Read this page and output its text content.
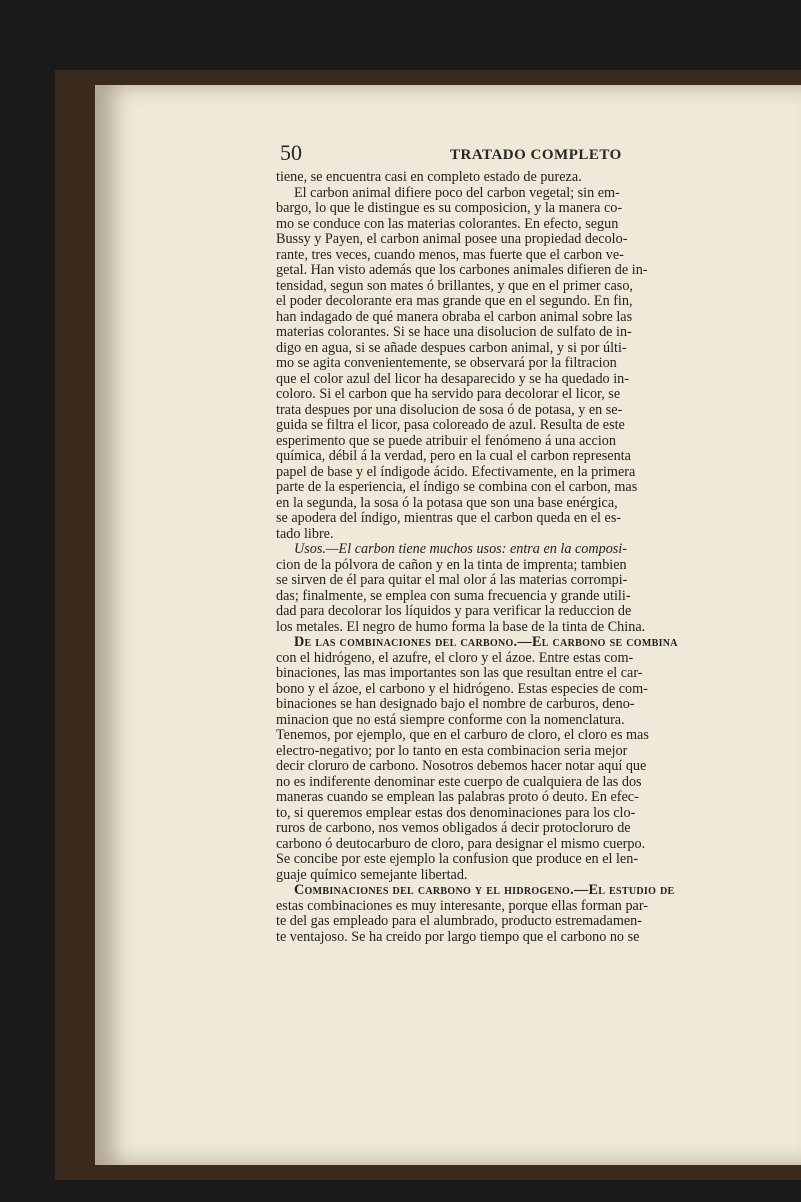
50	TRATADO COMPLETO
tiene, se encuentra casi en completo estado de pureza.
El carbon animal difiere poco del carbon vegetal; sin em-
bargo, lo que le distingue es su composicion, y la manera co-
mo se conduce con las materias colorantes. En efecto, segun
Bussy y Payen, el carbon animal posee una propiedad decolo-
rante, tres veces, cuando menos, mas fuerte que el carbon ve-
getal. Han visto además que los carbones animales difieren de in-
tensidad, segun son mates ó brillantes, y que en el primer caso,
el poder decolorante era mas grande que en el segundo. En fin,
han indagado de qué manera obraba el carbon animal sobre las
materias colorantes. Si se hace una disolucion de sulfato de in-
digo en agua, si se añade despues carbon animal, y si por últi-
mo se agita convenientemente, se observará por la filtracion
que el color azul del licor ha desaparecido y se ha quedado in-
coloro. Si el carbon que ha servido para decolorar el licor, se
trata despues por una disolucion de sosa ó de potasa, y en se-
guida se filtra el licor, pasa coloreado de azul. Resulta de este
esperimento que se puede atribuir el fenómeno á una accion
química, débil á la verdad, pero en la cual el carbon representa
papel de base y el índigode ácido. Efectivamente, en la primera
parte de la esperiencia, el índigo se combina con el carbon, mas
en la segunda, la sosa ó la potasa que son una base enérgica,
se apodera del índigo, mientras que el carbon queda en el es-
tado libre.
Usos.—El carbon tiene muchos usos: entra en la composi-
cion de la pólvora de cañon y en la tinta de imprenta; tambien
se sirven de él para quitar el mal olor á las materias corrompi-
das; finalmente, se emplea con suma frecuencia y grande utili-
dad para decolorar los líquidos y para verificar la reduccion de
los metales. El negro de humo forma la base de la tinta de China.
De las combinaciones del carbono.—El carbono se combina
con el hidrógeno, el azufre, el cloro y el ázoe. Entre estas com-
binaciones, las mas importantes son las que resultan entre el car-
bono y el ázoe, el carbono y el hidrógeno. Estas especies de com-
binaciones se han designado bajo el nombre de carburos, deno-
minacion que no está siempre conforme con la nomenclatura.
Tenemos, por ejemplo, que en el carburo de cloro, el cloro es mas
electro-negativo; por lo tanto en esta combinacion seria mejor
decir cloruro de carbono. Nosotros debemos hacer notar aquí que
no es indiferente denominar este cuerpo de cualquiera de las dos
maneras cuando se emplean las palabras proto ó deuto. En efec-
to, si queremos emplear estas dos denominaciones para los clo-
ruros de carbono, nos vemos obligados á decir protocloruro de
carbono ó deutocarburo de cloro, para designar el mismo cuerpo.
Se concibe por este ejemplo la confusion que produce en el len-
guaje químico semejante libertad.
Combinaciones del carbono y el hidrogeno.—El estudio de
estas combinaciones es muy interesante, porque ellas forman par-
te del gas empleado para el alumbrado, producto estremadamen-
te ventajoso. Se ha creido por largo tiempo que el carbono no se
